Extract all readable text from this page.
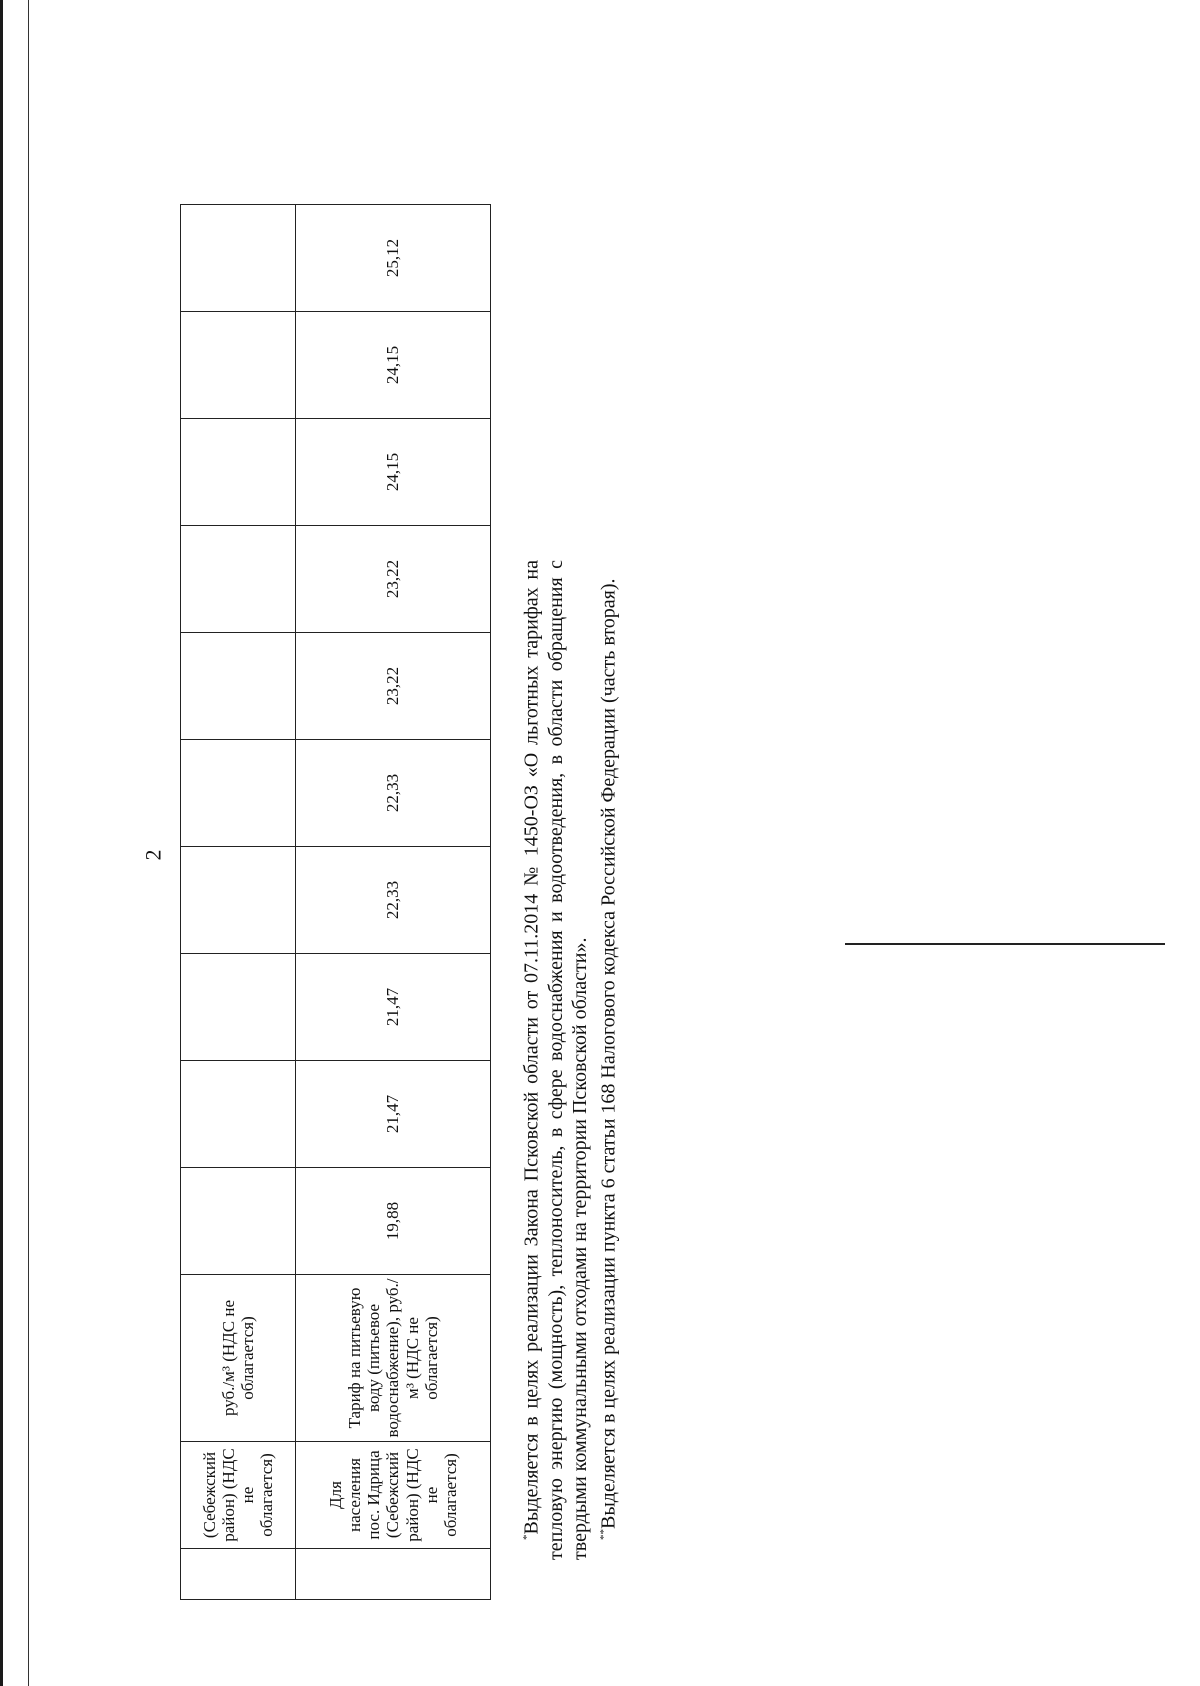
2
	(Себежский район) (НДС не облагается)	руб./м³ (НДС не облагается)										
	Для населения пос. Идрица (Себежский район) (НДС не облагается)	Тариф на питьевую воду (питьевое водоснабжение), руб./м³ (НДС не облагается)	19,88	21,47	21,47	22,33	22,33	23,22	23,22	24,15	24,15	25,12

*Выделяется в целях реализации Закона Псковской области от 07.11.2014 № 1450-ОЗ «О льготных тарифах на тепловую энергию (мощность), теплоноситель, в сфере водоснабжения и водоотведения, в области обращения с твердыми коммунальными отходами на территории Псковской области». **Выделяется в целях реализации пункта 6 статьи 168 Налогового кодекса Российской Федерации (часть вторая).
